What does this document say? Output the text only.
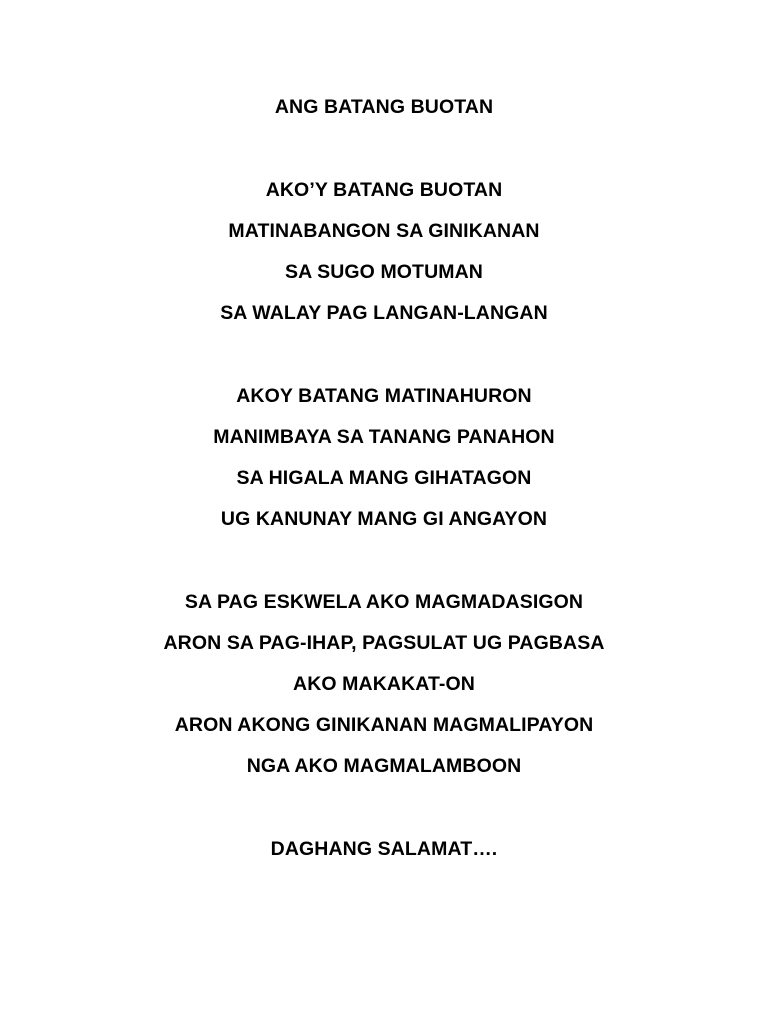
ANG BATANG BUOTAN
AKO’Y BATANG BUOTAN
MATINABANGON SA GINIKANAN
SA SUGO MOTUMAN
SA WALAY PAG LANGAN-LANGAN
AKOY BATANG MATINAHURON
MANIMBAYA SA TANANG PANAHON
SA HIGALA MANG GIHATAGON
UG KANUNAY MANG GI ANGAYON
SA PAG ESKWELA AKO MAGMADASIGON
ARON SA PAG-IHAP, PAGSULAT UG PAGBASA
AKO MAKAKAT-ON
ARON AKONG GINIKANAN MAGMALIPAYON
NGA AKO MAGMALAMBOON
DAGHANG SALAMAT….
